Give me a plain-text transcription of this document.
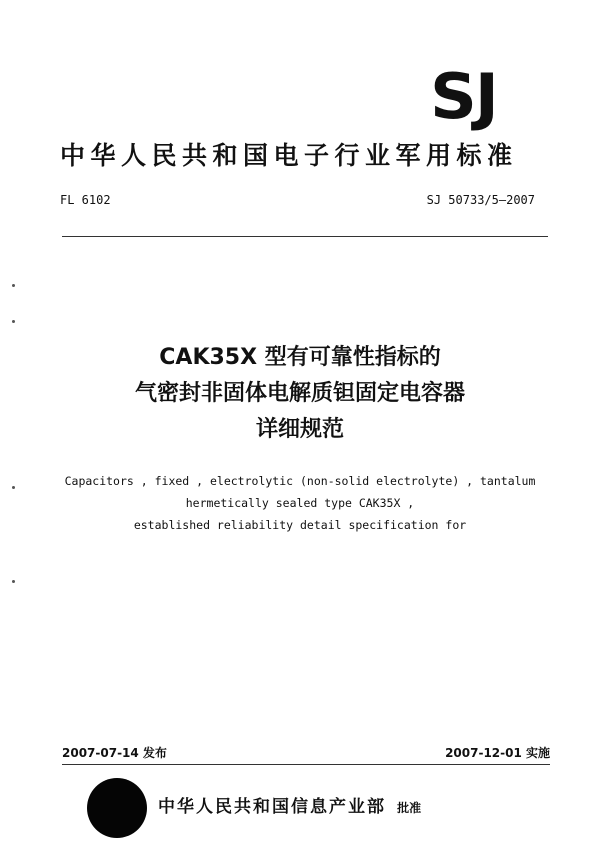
SJ
中华人民共和国电子行业军用标准
FL 6102	SJ 50733/5—2007
CAK35X 型有可靠性指标的
气密封非固体电解质钽固定电容器
详细规范
Capacitors , fixed , electrolytic (non-solid electrolyte) , tantalum
hermetically sealed type CAK35X ,
established reliability detail specification for
2007-07-14 发布	2007-12-01 实施
中华人民共和国信息产业部 批准
